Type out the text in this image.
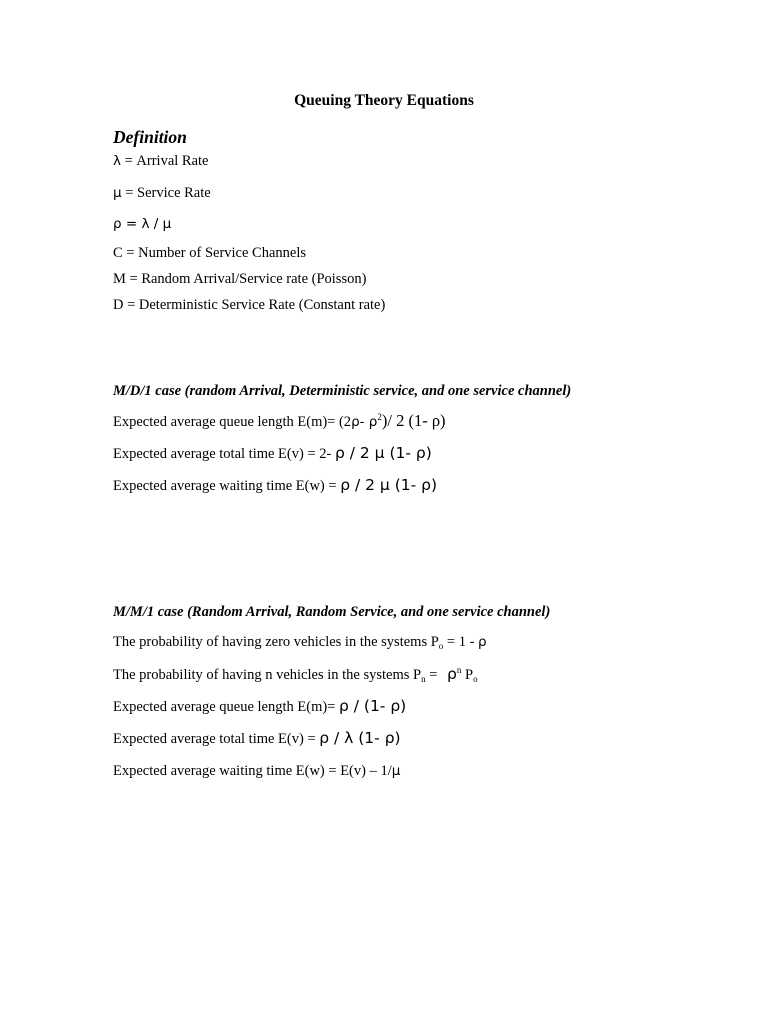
Queuing Theory Equations
Definition
λ = Arrival Rate
μ = Service Rate
ρ = λ / μ
C = Number of Service Channels
M = Random Arrival/Service rate (Poisson)
D = Deterministic Service Rate (Constant rate)
M/D/1 case (random Arrival, Deterministic service, and one service channel)
Expected average queue length E(m)= (2ρ- $\rho^2)/$ 2 (1- ρ)
Expected average total time E(v) = 2- ρ / 2 μ (1- ρ)
Expected average waiting time E(w) = ρ / 2 μ (1- ρ)
M/M/1 case (Random Arrival, Random Service, and one service channel)
The probability of having zero vehicles in the systems $P_o = 1 - \rho$
The probability of having n vehicles in the systems $P_n = \rho^n$ $P_o$
Expected average queue length E(m)= ρ / (1- ρ)
Expected average total time E(v) = ρ / λ (1- ρ)
Expected average waiting time E(w) = E(v) – 1/μ
